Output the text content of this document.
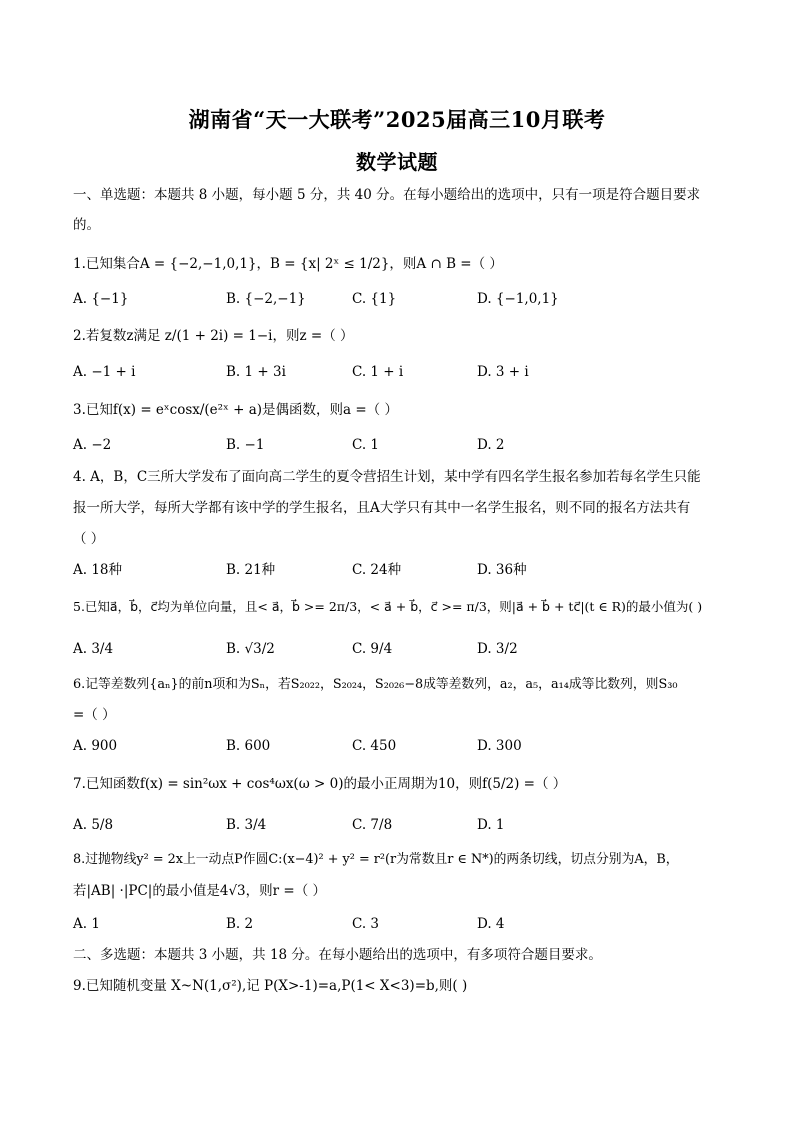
湖南省“天一大联考”2025届高三10月联考
数学试题
一、单选题：本题共 8 小题，每小题 5 分，共 40 分。在每小题给出的选项中，只有一项是符合题目要求
的。
1.已知集合A = {−2,−1,0,1}，B = {x| 2ˣ ≤ 1/2}，则A ∩ B =（ ）
A. {−1}	B. {−2,−1}	C. {1}	D. {−1,0,1}
2.若复数z满足 z/(1 + 2i) = 1−i，则z =（ ）
A. −1 + i	B. 1 + 3i	C. 1 + i	D. 3 + i
3.已知f(x) = eˣcosx/(e²ˣ + a)是偶函数，则a =（ ）
A. −2	B. −1	C. 1	D. 2
4. A，B，C三所大学发布了面向高二学生的夏令营招生计划，某中学有四名学生报名参加若每名学生只能
报一所大学，每所大学都有该中学的学生报名，且A大学只有其中一名学生报名，则不同的报名方法共有
（ ）
A. 18种	B. 21种	C. 24种	D. 36种
5.已知a⃗，b⃗，c⃗均为单位向量，且< a⃗，b⃗ >= 2π/3，< a⃗ + b⃗，c⃗ >= π/3，则|a⃗ + b⃗ + tc⃗|(t ∈ R)的最小值为( )
A. 3/4	B. √3/2	C. 9/4	D. 3/2
6.记等差数列{aₙ}的前n项和为Sₙ，若S₂₀₂₂，S₂₀₂₄，S₂₀₂₆−8成等差数列，a₂，a₅，a₁₄成等比数列，则S₃₀
=（ ）
A. 900	B. 600	C. 450	D. 300
7.已知函数f(x) = sin²ωx + cos⁴ωx(ω > 0)的最小正周期为10，则f(5/2) =（ ）
A. 5/8	B. 3/4	C. 7/8	D. 1
8.过抛物线y² = 2x上一动点P作圆C:(x−4)² + y² = r²(r为常数且r ∈ N*)的两条切线，切点分别为A，B，
若|AB| ·|PC|的最小值是4√3，则r =（ ）
A. 1	B. 2	C. 3	D. 4
二、多选题：本题共 3 小题，共 18 分。在每小题给出的选项中，有多项符合题目要求。
9.已知随机变量 X~N(1,σ²),记 P(X>-1)=a,P(1< X<3)=b,则( )
